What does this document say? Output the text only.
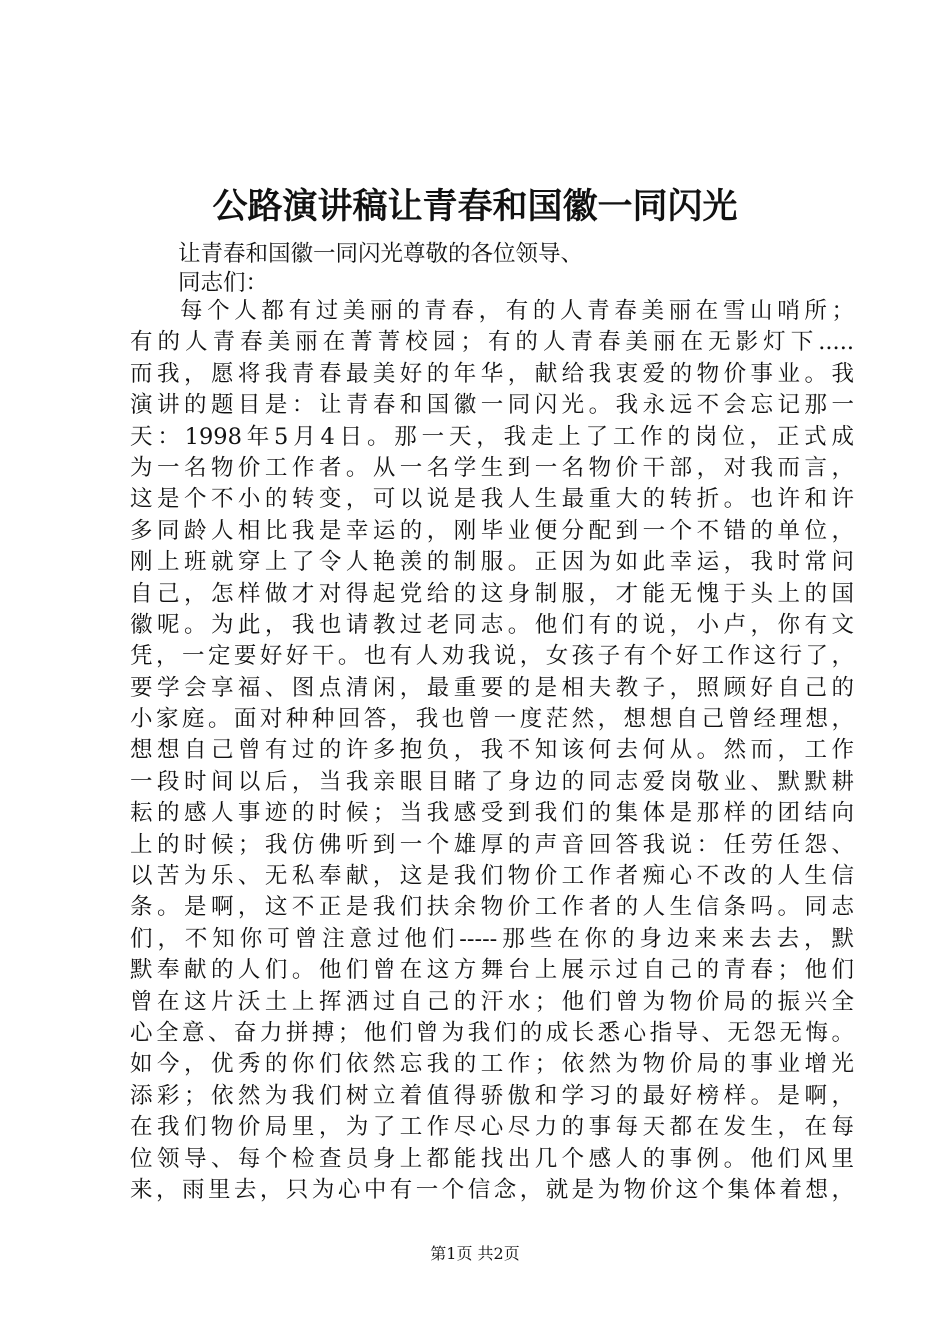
公路演讲稿让青春和国徽一同闪光
让青春和国徽一同闪光尊敬的各位领导、
同志们：
每个人都有过美丽的青春，有的人青春美丽在雪山哨所；
有的人青春美丽在菁菁校园；有的人青春美丽在无影灯下.....
而我，愿将我青春最美好的年华，献给我衷爱的物价事业。我
演讲的题目是：让青春和国徽一同闪光。我永远不会忘记那一
天：1998年5月4日。那一天，我走上了工作的岗位，正式成
为一名物价工作者。从一名学生到一名物价干部，对我而言，
这是个不小的转变，可以说是我人生最重大的转折。也许和许
多同龄人相比我是幸运的，刚毕业便分配到一个不错的单位，
刚上班就穿上了令人艳羡的制服。正因为如此幸运，我时常问
自己，怎样做才对得起党给的这身制服，才能无愧于头上的国
徽呢。为此，我也请教过老同志。他们有的说，小卢，你有文
凭，一定要好好干。也有人劝我说，女孩子有个好工作这行了，
要学会享福、图点清闲，最重要的是相夫教子，照顾好自己的
小家庭。面对种种回答，我也曾一度茫然，想想自己曾经理想，
想想自己曾有过的许多抱负，我不知该何去何从。然而，工作
一段时间以后，当我亲眼目睹了身边的同志爱岗敬业、默默耕
耘的感人事迹的时候；当我感受到我们的集体是那样的团结向
上的时候；我仿佛听到一个雄厚的声音回答我说：任劳任怨、
以苦为乐、无私奉献，这是我们物价工作者痴心不改的人生信
条。是啊，这不正是我们扶余物价工作者的人生信条吗。同志
们，不知你可曾注意过他们-----那些在你的身边来来去去，默
默奉献的人们。他们曾在这方舞台上展示过自己的青春；他们
曾在这片沃土上挥洒过自己的汗水；他们曾为物价局的振兴全
心全意、奋力拼搏；他们曾为我们的成长悉心指导、无怨无悔。
如今，优秀的你们依然忘我的工作；依然为物价局的事业增光
添彩；依然为我们树立着值得骄傲和学习的最好榜样。是啊，
在我们物价局里，为了工作尽心尽力的事每天都在发生，在每
位领导、每个检查员身上都能找出几个感人的事例。他们风里
来，雨里去，只为心中有一个信念，就是为物价这个集体着想，
第1页 共2页
